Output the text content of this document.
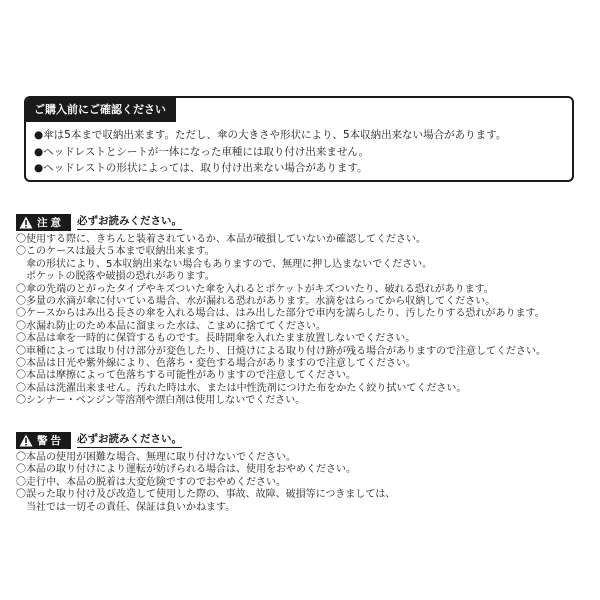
ご購入前にご確認ください
●傘は5本まで収納出来ます。ただし、傘の大きさや形状により、5本収納出来ない場合があります。
●ヘッドレストとシートが一体になった車種には取り付け出来ません。
●ヘッドレストの形状によっては、取り付け出来ない場合があります。
注意 必ずお読みください。
〇使用する際に、きちんと装着されているか、本品が破損していないか確認してください。
〇このケースは最大５本まで収納出来ます。
傘の形状により、5本収納出来ない場合もありますので、無理に押し込まないでください。
ポケットの脱落や破損の恐れがあります。
〇傘の先端のとがったタイプやキズついた傘を入れるとポケットがキズついたり、破れる恐れがあります。
〇多量の水滴が傘に付いている場合、水が漏れる恐れがあります。水滴をはらってから収納してください。
〇ケースからはみ出る長さの傘を入れる場合は、はみ出した部分で車内を濡らしたり、汚したりする恐れがあります。
〇水漏れ防止のため本品に溜まった水は、こまめに捨ててください。
〇本品は傘を一時的に保管するものです。長時間傘を入れたまま放置しないでください。
〇車種によっては取り付け部分が変色したり、日焼けによる取り付け跡が残る場合がありますので注意してください。
〇本品は日光や紫外線により、色落ち・変色する場合がありますので注意してください。
〇本品は摩擦によって色落ちする可能性がありますので注意してください。
〇本品は洗濯出来ません。汚れた時は水、または中性洗剤につけた布をかたく絞り拭いてください。
〇シンナー・ベンジン等溶剤や漂白剤は使用しないでください。
警告 必ずお読みください。
〇本品の使用が困難な場合、無理に取り付けないでください。
〇本品の取り付けにより運転が妨げられる場合は、使用をおやめください。
〇走行中、本品の脱着は大変危険ですのでおやめください。
〇誤った取り付け及び改造して使用した際の、事故、故障、破損等につきましては、
当社では一切その責任、保証は負いかねます。
